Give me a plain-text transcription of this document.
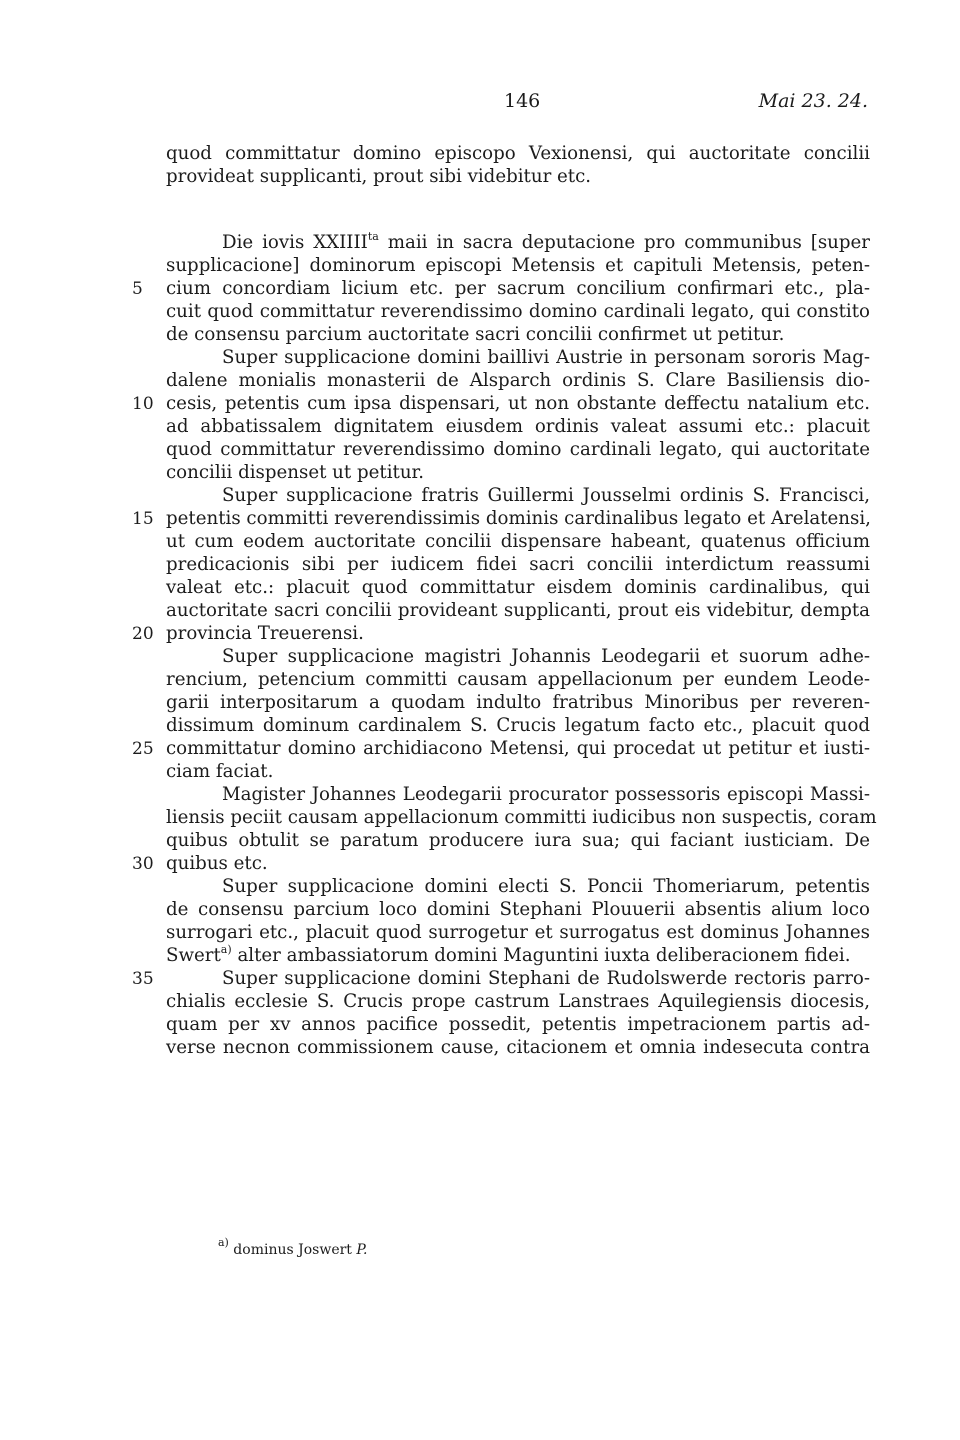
146	Mai 23. 24.
quod committatur domino episcopo Vexionensi, qui auctoritate concilii
provideat supplicanti, prout sibi videbitur etc.
Die iovis $XXIIII^{ta}$ maii in sacra deputacione pro communibus [super
supplicacione] dominorum episcopi Metensis et capituli Metensis, peten-
cium concordiam licium etc. per sacrum concilium confirmari etc., pla-
cuit quod committatur reverendissimo domino cardinali legato, qui constito
de consensu parcium auctoritate sacri concilii confirmet ut petitur.
Super supplicacione domini baillivi Austrie in personam sororis Mag-
dalene monialis monasterii de Alsparch ordinis S. Clare Basiliensis dio-
cesis, petentis cum ipsa dispensari, ut non obstante deffectu natalium etc.
ad abbatissalem dignitatem eiusdem ordinis valeat assumi etc.: placuit
quod committatur reverendissimo domino cardinali legato, qui auctoritate
concilii dispenset ut petitur.
Super supplicacione fratris Guillermi Jousselmi ordinis S. Francisci,
petentis committi reverendissimis dominis cardinalibus legato et Arelatensi,
ut cum eodem auctoritate concilii dispensare habeant, quatenus officium
predicacionis sibi per iudicem fidei sacri concilii interdictum reassumi
valeat etc.: placuit quod committatur eisdem dominis cardinalibus, qui
auctoritate sacri concilii provideant supplicanti, prout eis videbitur, dempta
provincia Treuerensi.
Super supplicacione magistri Johannis Leodegarii et suorum adhe-
rencium, petencium committi causam appellacionum per eundem Leode-
garii interpositarum a quodam indulto fratribus Minoribus per reveren-
dissimum dominum cardinalem S. Crucis legatum facto etc., placuit quod
committatur domino archidiacono Metensi, qui procedat ut petitur et iusti-
ciam faciat.
Magister Johannes Leodegarii procurator possessoris episcopi Massi-
liensis peciit causam appellacionum committi iudicibus non suspectis, coram
quibus obtulit se paratum producere iura sua; qui faciant iusticiam. De
quibus etc.
Super supplicacione domini electi S. Poncii Thomeriarum, petentis
de consensu parcium loco domini Stephani Plouuerii absentis alium loco
surrogari etc., placuit quod surrogetur et surrogatus est dominus Johannes
Swert$^{a)}$ alter ambassiatorum domini Maguntini iuxta deliberacionem fidei.
Super supplicacione domini Stephani de Rudolswerde rectoris parro-
chialis ecclesie S. Crucis prope castrum Lanstraes Aquilegiensis diocesis,
quam per xv annos pacifice possedit, petentis impetracionem partis ad-
verse necnon commissionem cause, citacionem et omnia indesecuta contra
5
10
15
20
25
30
35
$^{a)}$ dominus Joswert P.
